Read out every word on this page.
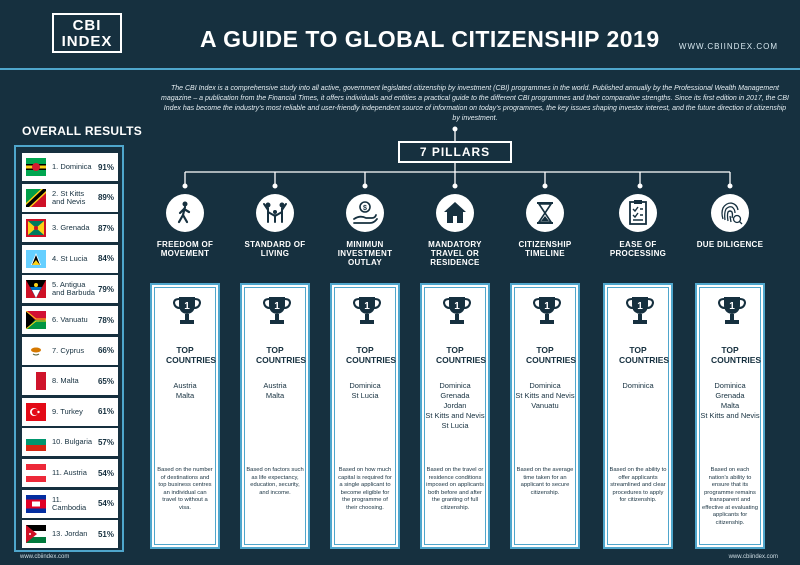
CBI
INDEX	A GUIDE TO GLOBAL CITIZENSHIP 2019 WWW.CBIINDEX.COM
The CBI Index is a comprehensive study into all active, government legislated citizenship by investment (CBI) programmes in the world. Published annually by the Professional Wealth Management magazine – a publication from the Financial Times, it offers individuals and entities a practical guide to the different CBI programmes and their comparative strengths. Since its first edition in 2017, the CBI Index has become the industry's most reliable and user-friendly independent source of information on today's programmes, the key issues shaping investor interest, and the future direction of citizenship by investment.
OVERALL RESULTS
1. Dominica 91%
2. St Kitts and Nevis	89%
3. Grenada	87%
4. St Lucia	84%
5. Antigua and Barbuda 79%
6. Vanuatu	78%
7. Cyprus	66%
8. Malta	65%
9. Turkey	61%
10. Bulgaria 57%
11. Austria	54%
11. Cambodia	54%
13. Jordan	51%
7 PILLARS
FREEDOM OF MOVEMENT
1
TOP COUNTRIES
Austria
Malta
Based on the number of destinations and top business centres an individual can travel to without a visa.
STANDARD OF LIVING
1
TOP COUNTRIES
Austria
Malta
Based on factors such as life expectancy, education, security, and income.
$
MINIMUN INVESTMENT OUTLAY
1
TOP COUNTRIES
Dominica
St Lucia
Based on how much capital is required for a single applicant to become eligible for the programme of their choosing.
MANDATORY TRAVEL OR RESIDENCE
1
TOP COUNTRIES
Dominica
Grenada
Jordan
St Kitts and Nevis
St Lucia
Based on the travel or residence conditions imposed on applicants both before and after the granting of full citizenship.
CITIZENSHIP TIMELINE
1
TOP COUNTRIES
Dominica
St Kitts and Nevis
Vanuatu
Based on the average time taken for an applicant to secure citizenship.
EASE OF PROCESSING
1
TOP COUNTRIES
Dominica
Based on the ability to offer applicants streamlined and clear procedures to apply for citizenship.
DUE DILIGENCE
1
TOP COUNTRIES
Dominica
Grenada
Malta
St Kitts and Nevis
Based on each nation's ability to ensure that its programme remains transparent and effective at evaluating applicants for citizenship.
www.cbiindex.com	www.cbiindex.com
